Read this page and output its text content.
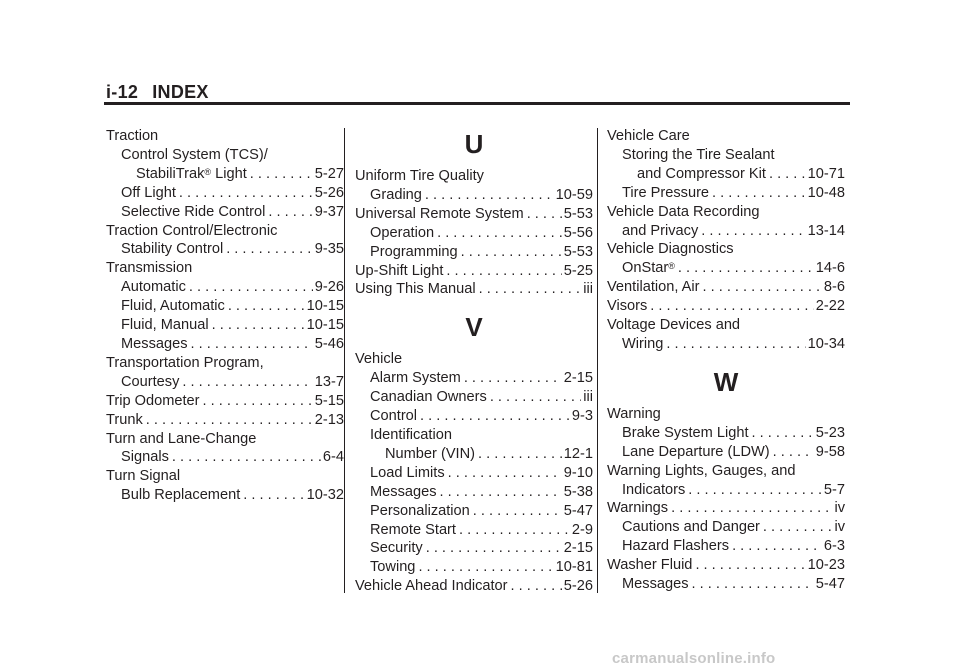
i-12 INDEX
Traction
Control System (TCS)/
StabiliTrak® Light . . .	5-27
Off Light . . .	5-26
Selective Ride Control . . .	9-37
Traction Control/Electronic
Stability Control . . .	9-35
Transmission
Automatic . . .	9-26
Fluid, Automatic . . .	10-15
Fluid, Manual . . .	10-15
Messages . . .	5-46
Transportation Program,
Courtesy . . .	13-7
Trip Odometer . . .	5-15
Trunk . . .	2-13
Turn and Lane-Change
Signals . . .	6-4
Turn Signal
Bulb Replacement . . .	10-32
U
Uniform Tire Quality
Grading . . .	10-59
Universal Remote System . . .	5-53
Operation . . .	5-56
Programming . . .	5-53
Up-Shift Light . . .	5-25
Using This Manual . . .	iii
V
Vehicle
Alarm System . . .	2-15
Canadian Owners . . .	iii
Control . . .	9-3
Identification
Number (VIN) . . .	12-1
Load Limits . . .	9-10
Messages . . .	5-38
Personalization . . .	5-47
Remote Start . . .	2-9
Security . . .	2-15
Towing . . .	10-81
Vehicle Ahead Indicator . . .	5-26
Vehicle Care
Storing the Tire Sealant
and Compressor Kit . . .	10-71
Tire Pressure . . .	10-48
Vehicle Data Recording
and Privacy . . .	13-14
Vehicle Diagnostics
OnStar® . . .	14-6
Ventilation, Air . . .	8-6
Visors . . .	2-22
Voltage Devices and
Wiring . . .	10-34
W
Warning
Brake System Light . . .	5-23
Lane Departure (LDW) . . .	9-58
Warning Lights, Gauges, and
Indicators . . .	5-7
Warnings . . .	iv
Cautions and Danger . . .	iv
Hazard Flashers . . .	6-3
Washer Fluid . . .	10-23
Messages . . .	5-47
carmanualsonline.info
